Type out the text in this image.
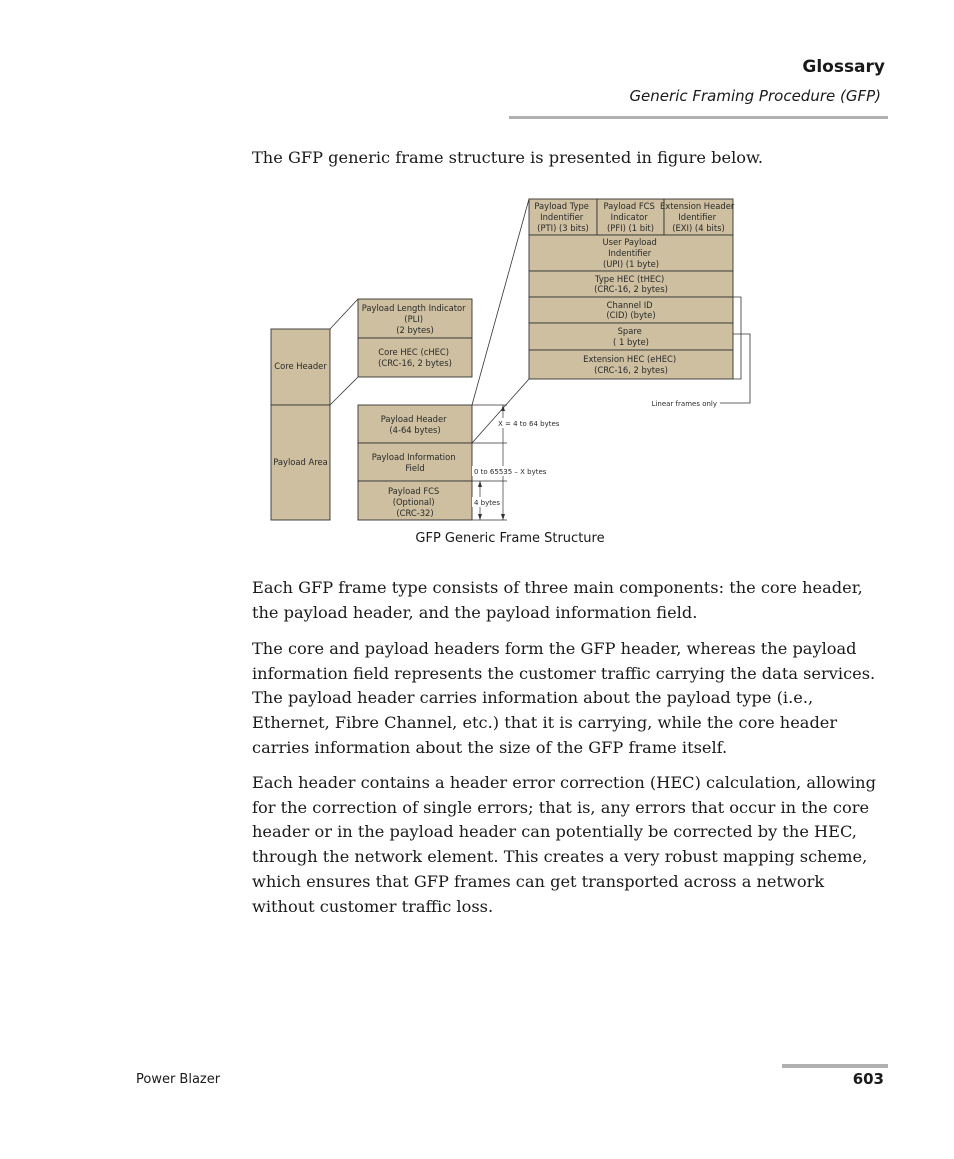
Glossary
Generic Framing Procedure (GFP)

The GFP generic frame structure is presented in figure below.

Core Header
Payload Area
Payload Length Indicator (PLI) (2 bytes)
Core HEC (cHEC) (CRC-16, 2 bytes)
Payload Header (4-64 bytes)
Payload Information Field
Payload FCS (Optional) (CRC-32)
X = 4 to 64 bytes
0 to 65535 – X bytes
4 bytes
Payload Type Indentifier (PTI) (3 bits)
Payload FCS Indicator (PFI) (1 bit)
Extension Header Identifier (EXI) (4 bits)
User Payload Indentifier (UPI) (1 byte)
Type HEC (tHEC) (CRC-16, 2 bytes)
Channel ID (CID) (byte)
Spare ( 1 byte)
Extension HEC (eHEC) (CRC-16, 2 bytes)
Linear frames only
GFP Generic Frame Structure

Each GFP frame type consists of three main components: the core header, the payload header, and the payload information field.

The core and payload headers form the GFP header, whereas the payload information field represents the customer traffic carrying the data services. The payload header carries information about the payload type (i.e., Ethernet, Fibre Channel, etc.) that it is carrying, while the core header carries information about the size of the GFP frame itself.

Each header contains a header error correction (HEC) calculation, allowing for the correction of single errors; that is, any errors that occur in the core header or in the payload header can potentially be corrected by the HEC, through the network element. This creates a very robust mapping scheme, which ensures that GFP frames can get transported across a network without customer traffic loss.

Power Blazer	603
